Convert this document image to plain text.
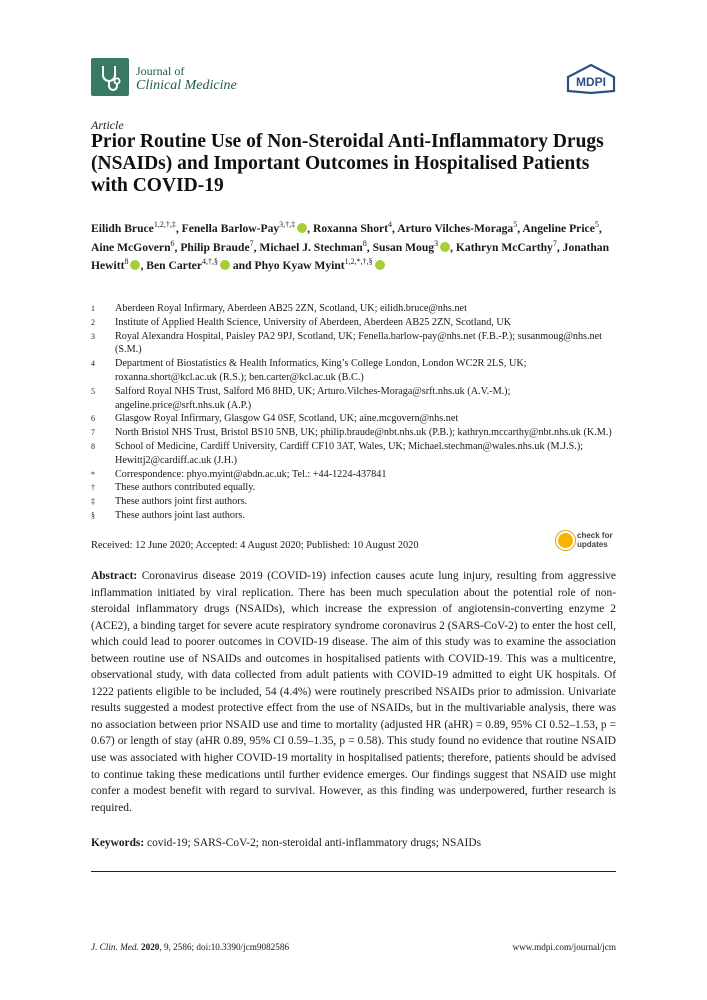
Journal of
Clinical Medicine	MDPI
Article
Prior Routine Use of Non-Steroidal Anti-Inflammatory Drugs (NSAIDs) and Important Outcomes in Hospitalised Patients with COVID-19
Eilidh Bruce$^{1,2,\dagger,\ddagger}$, Fenella Barlow-Pay$^{3,\dagger,\ddagger}$ , Roxanna Short$^4$, Arturo Vilches-Moraga$^5$, Angeline Price$^5$, Aine McGovern$^6$, Philip Braude$^7$, Michael J. Stechman$^8$, Susan Moug$^3$ , Kathryn McCarthy$^7$, Jonathan Hewitt$^8$ , Ben Carter$^{4,\dagger,\S}$ and Phyo Kyaw Myint$^{1,2,*,\dagger,\S}$
1	Aberdeen Royal Infirmary, Aberdeen AB25 2ZN, Scotland, UK; eilidh.bruce@nhs.net
2	Institute of Applied Health Science, University of Aberdeen, Aberdeen AB25 2ZN, Scotland, UK
3	Royal Alexandra Hospital, Paisley PA2 9PJ, Scotland, UK; Fenella.barlow-pay@nhs.net (F.B.-P.); susanmoug@nhs.net (S.M.)
4	Department of Biostatistics & Health Informatics, King’s College London, London WC2R 2LS, UK; roxanna.short@kcl.ac.uk (R.S.); ben.carter@kcl.ac.uk (B.C.)
5	Salford Royal NHS Trust, Salford M6 8HD, UK; Arturo.Vilches-Moraga@srft.nhs.uk (A.V.-M.); angeline.price@srft.nhs.uk (A.P.)
6	Glasgow Royal Infirmary, Glasgow G4 0SF, Scotland, UK; aine.mcgovern@nhs.net
7	North Bristol NHS Trust, Bristol BS10 5NB, UK; philip.braude@nbt.nhs.uk (P.B.); kathryn.mccarthy@nbt.nhs.uk (K.M.)
8	School of Medicine, Cardiff University, Cardiff CF10 3AT, Wales, UK; Michael.stechman@wales.nhs.uk (M.J.S.); Hewittj2@cardiff.ac.uk (J.H.)
*	Correspondence: phyo.myint@abdn.ac.uk; Tel.: +44-1224-437841
†	These authors contributed equally.
‡	These authors joint first authors.
§	These authors joint last authors.
Received: 12 June 2020; Accepted: 4 August 2020; Published: 10 August 2020
check for
updates
Abstract: Coronavirus disease 2019 (COVID-19) infection causes acute lung injury, resulting from aggressive inflammation initiated by viral replication. There has been much speculation about the potential role of non-steroidal inflammatory drugs (NSAIDs), which increase the expression of angiotensin-converting enzyme 2 (ACE2), a binding target for severe acute respiratory syndrome coronavirus 2 (SARS-CoV-2) to enter the host cell, which could lead to poorer outcomes in COVID-19 disease. The aim of this study was to examine the association between routine use of NSAIDs and outcomes in hospitalised patients with COVID-19. This was a multicentre, observational study, with data collected from adult patients with COVID-19 admitted to eight UK hospitals. Of 1222 patients eligible to be included, 54 (4.4%) were routinely prescribed NSAIDs prior to admission. Univariate results suggested a modest protective effect from the use of NSAIDs, but in the multivariable analysis, there was no association between prior NSAID use and time to mortality (adjusted HR (aHR) = 0.89, 95% CI 0.52–1.53, p = 0.67) or length of stay (aHR 0.89, 95% CI 0.59–1.35, p = 0.58). This study found no evidence that routine NSAID use was associated with higher COVID-19 mortality in hospitalised patients; therefore, patients should be advised to continue taking these medications until further evidence emerges. Our findings suggest that NSAID use might confer a modest benefit with regard to survival. However, as this finding was underpowered, further research is required.
Keywords: covid-19; SARS-CoV-2; non-steroidal anti-inflammatory drugs; NSAIDs
J. Clin. Med. 2020, 9, 2586; doi:10.3390/jcm9082586	www.mdpi.com/journal/jcm
